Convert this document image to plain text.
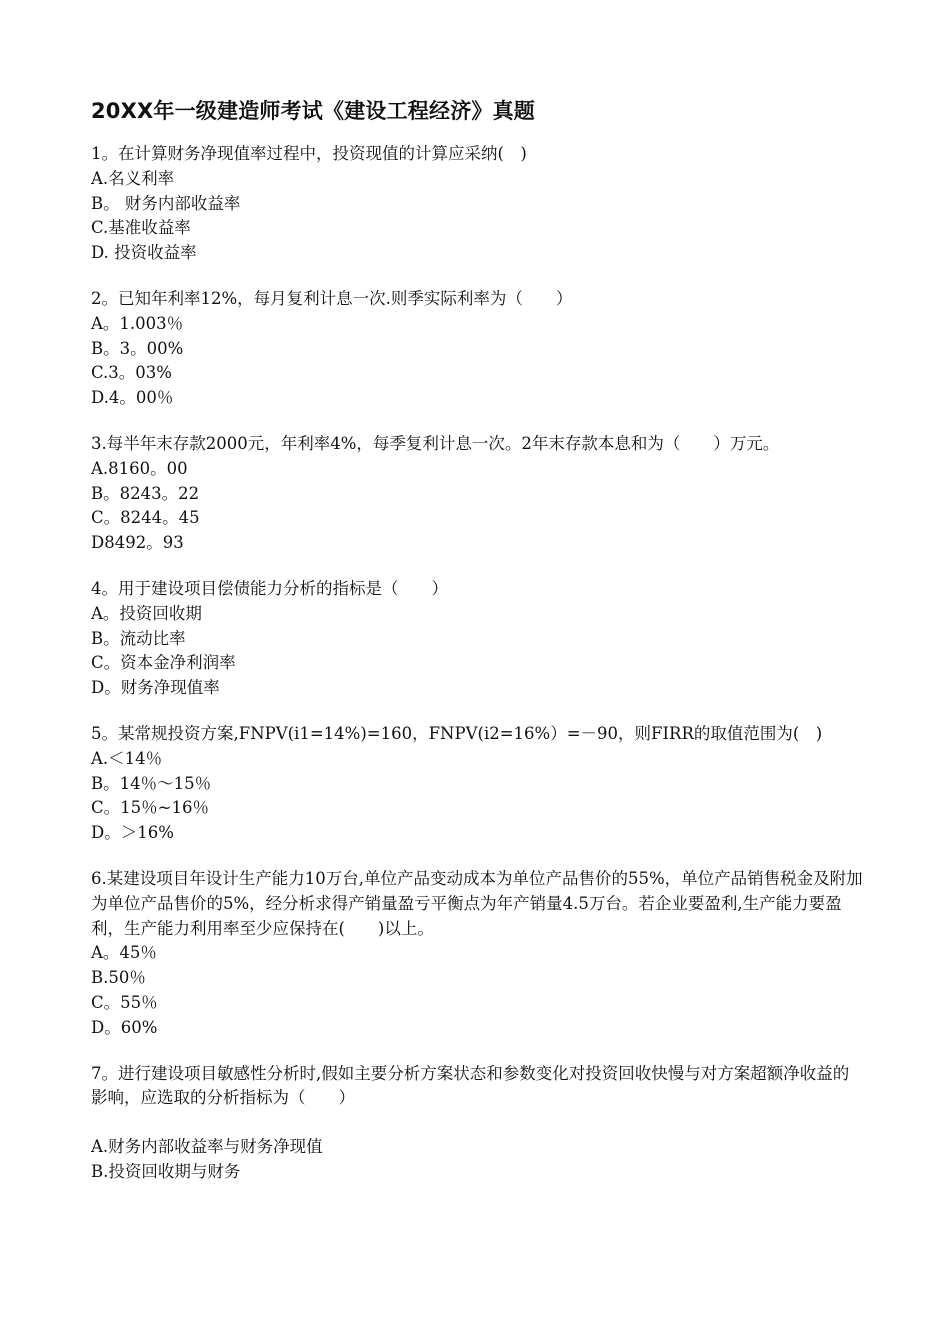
20XX年一级建造师考试《建设工程经济》真题
1。在计算财务净现值率过程中，投资现值的计算应采纳(　)
A.名义利率
B。 财务内部收益率
C.基准收益率
D. 投资收益率
2。已知年利率12%，每月复利计息一次.则季实际利率为（　　）
A。1.003％
B。3。00%
C.3。03%
D.4。00％
3.每半年末存款2000元，年利率4%，每季复利计息一次。2年末存款本息和为（　　）万元。
A.8160。00
B。8243。22
C。8244。45
D8492。93
4。用于建设项目偿债能力分析的指标是（　　）
A。投资回收期
B。流动比率
C。资本金净利润率
D。财务净现值率
5。某常规投资方案,FNPV(i1=14%)=160，FNPV(i2=16%）=－90，则FIRR的取值范围为(　)
A.＜14％
B。14％～15％
C。15％~16％
D。＞16%
6.某建设项目年设计生产能力10万台,单位产品变动成本为单位产品售价的55%，单位产品销售税金及附加为单位产品售价的5%，经分析求得产销量盈亏平衡点为年产销量4.5万台。若企业要盈利,生产能力要盈利，生产能力利用率至少应保持在(　　)以上。
A。45％
B.50％
C。55％
D。60%
7。进行建设项目敏感性分析时,假如主要分析方案状态和参数变化对投资回收快慢与对方案超额净收益的影响，应选取的分析指标为（　　）
A.财务内部收益率与财务净现值
B.投资回收期与财务
